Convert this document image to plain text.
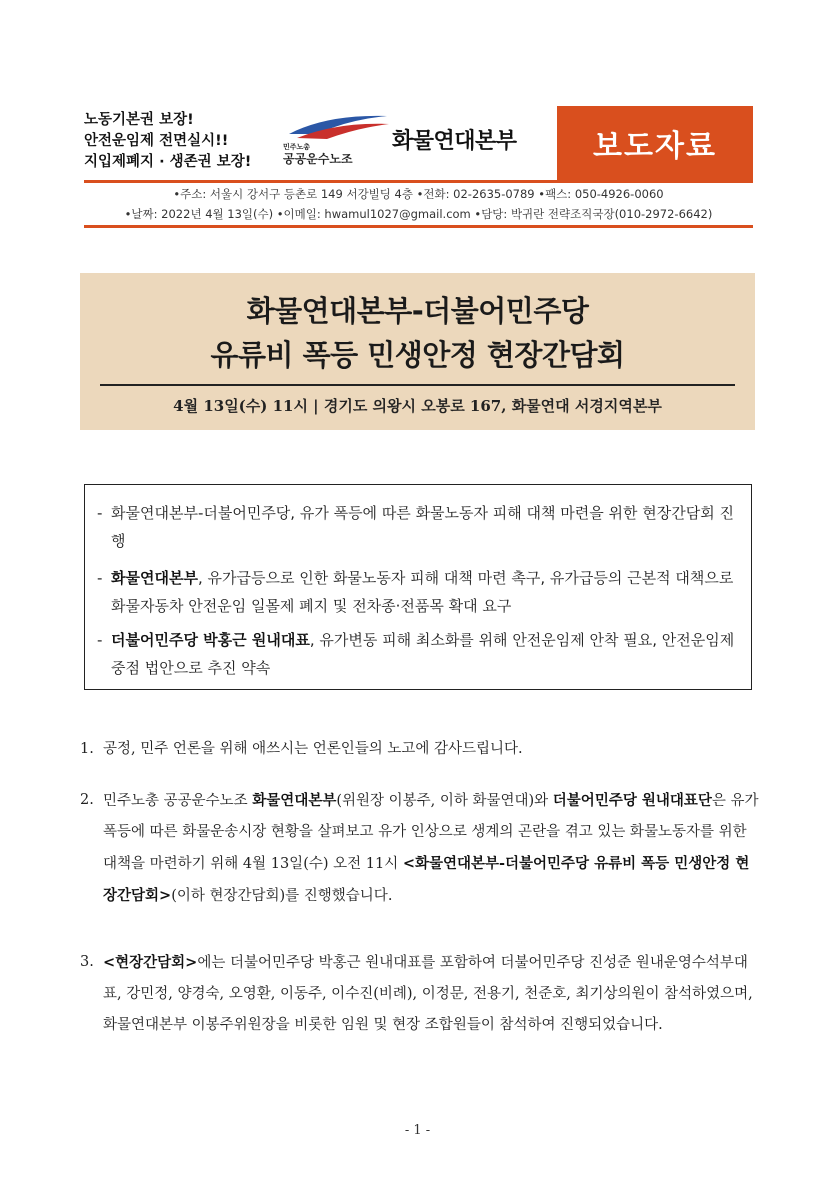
노동기본권 보장!
안전운임제 전면실시!!
지입제폐지 · 생존권 보장!
민주노총
공공운수노조
화물연대본부	보도자료
•주소: 서울시 강서구 등촌로 149 서강빌딩 4층 •전화: 02-2635-0789 •팩스: 050-4926-0060
•날짜: 2022년 4월 13일(수) •이메일: hwamul1027@gmail.com •담당: 박귀란 전략조직국장(010-2972-6642)
화물연대본부-더불어민주당
유류비 폭등 민생안정 현장간담회
4월 13일(수) 11시 | 경기도 의왕시 오봉로 167, 화물연대 서경지역본부
- 화물연대본부-더불어민주당, 유가 폭등에 따른 화물노동자 피해 대책 마련을 위한 현장간담회 진행
- 화물연대본부, 유가급등으로 인한 화물노동자 피해 대책 마련 촉구, 유가급등의 근본적 대책으로 화물자동차 안전운임 일몰제 폐지 및 전차종·전품목 확대 요구
- 더불어민주당 박홍근 원내대표, 유가변동 피해 최소화를 위해 안전운임제 안착 필요, 안전운임제 중점 법안으로 추진 약속
1. 공정, 민주 언론을 위해 애쓰시는 언론인들의 노고에 감사드립니다.
2. 민주노총 공공운수노조 화물연대본부(위원장 이봉주, 이하 화물연대)와 더불어민주당 원내대표단은 유가 폭등에 따른 화물운송시장 현황을 살펴보고 유가 인상으로 생계의 곤란을 겪고 있는 화물노동자를 위한 대책을 마련하기 위해 4월 13일(수) 오전 11시 <화물연대본부-더불어민주당 유류비 폭등 민생안정 현장간담회>(이하 현장간담회)를 진행했습니다.
3. <현장간담회>에는 더불어민주당 박홍근 원내대표를 포함하여 더불어민주당 진성준 원내운영수석부대표, 강민정, 양경숙, 오영환, 이동주, 이수진(비례), 이정문, 전용기, 천준호, 최기상의원이 참석하였으며, 화물연대본부 이봉주위원장을 비롯한 임원 및 현장 조합원들이 참석하여 진행되었습니다.
- 1 -
